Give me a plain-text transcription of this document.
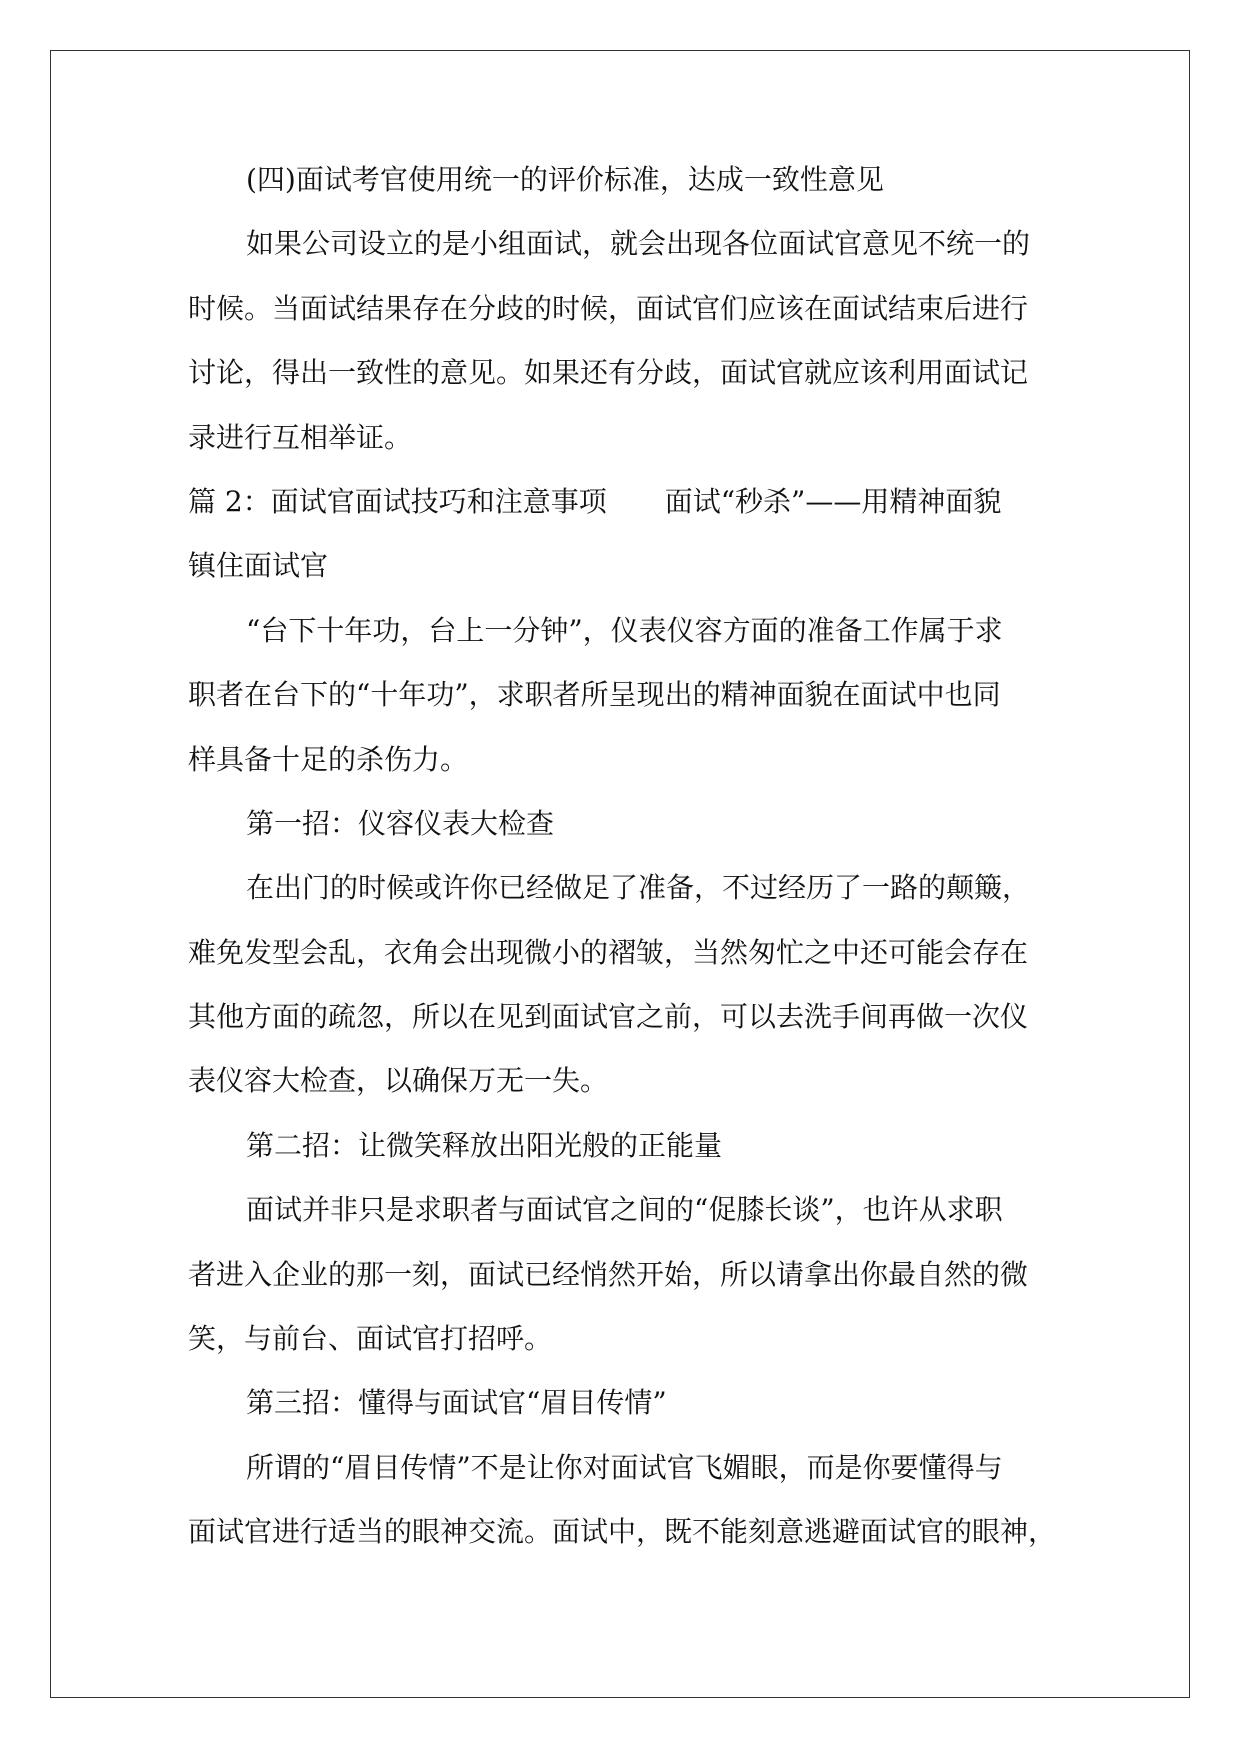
(四)面试考官使用统一的评价标准，达成一致性意见
如果公司设立的是小组面试，就会出现各位面试官意见不统一的
时候。当面试结果存在分歧的时候，面试官们应该在面试结束后进行
讨论，得出一致性的意见。如果还有分歧，面试官就应该利用面试记
录进行互相举证。
篇 2：面试官面试技巧和注意事项 面试“秒杀”——用精神面貌
镇住面试官
“台下十年功，台上一分钟”，仪表仪容方面的准备工作属于求
职者在台下的“十年功”，求职者所呈现出的精神面貌在面试中也同
样具备十足的杀伤力。
第一招：仪容仪表大检查
在出门的时候或许你已经做足了准备，不过经历了一路的颠簸，
难免发型会乱，衣角会出现微小的褶皱，当然匆忙之中还可能会存在
其他方面的疏忽，所以在见到面试官之前，可以去洗手间再做一次仪
表仪容大检查，以确保万无一失。
第二招：让微笑释放出阳光般的正能量
面试并非只是求职者与面试官之间的“促膝长谈”，也许从求职
者进入企业的那一刻，面试已经悄然开始，所以请拿出你最自然的微
笑，与前台、面试官打招呼。
第三招：懂得与面试官“眉目传情”
所谓的“眉目传情”不是让你对面试官飞媚眼，而是你要懂得与
面试官进行适当的眼神交流。面试中，既不能刻意逃避面试官的眼神，
